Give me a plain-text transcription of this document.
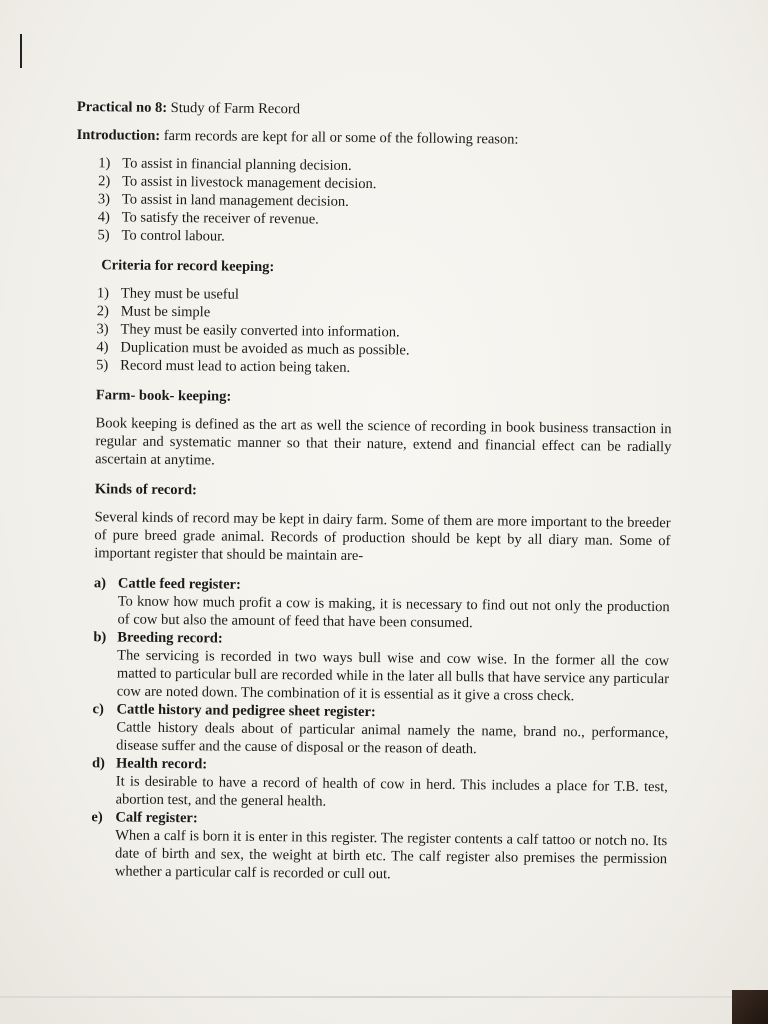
Practical no 8: Study of Farm Record
Introduction: farm records are kept for all or some of the following reason:
1) To assist in financial planning decision.
2) To assist in livestock management decision.
3) To assist in land management decision.
4) To satisfy the receiver of revenue.
5) To control labour.
Criteria for record keeping:
1) They must be useful
2) Must be simple
3) They must be easily converted into information.
4) Duplication must be avoided as much as possible.
5) Record must lead to action being taken.
Farm- book- keeping:

Book keeping is defined as the art as well the science of recording in book business transaction in regular and systematic manner so that their nature, extend and financial effect can be radially ascertain at anytime.

Kinds of record:

Several kinds of record may be kept in dairy farm. Some of them are more important to the breeder of pure breed grade animal. Records of production should be kept by all diary man. Some of important register that should be maintain are-

a) Cattle feed register:
To know how much profit a cow is making, it is necessary to find out not only the production of cow but also the amount of feed that have been consumed.
b) Breeding record:
The servicing is recorded in two ways bull wise and cow wise. In the former all the cow matted to particular bull are recorded while in the later all bulls that have service any particular cow are noted down. The combination of it is essential as it give a cross check.
c) Cattle history and pedigree sheet register:
Cattle history deals about of particular animal namely the name, brand no., performance, disease suffer and the cause of disposal or the reason of death.
d) Health record:
It is desirable to have a record of health of cow in herd. This includes a place for T.B. test, abortion test, and the general health.
e) Calf register:
When a calf is born it is enter in this register. The register contents a calf tattoo or notch no. Its date of birth and sex, the weight at birth etc. The calf register also premises the permission whether a particular calf is recorded or cull out.
